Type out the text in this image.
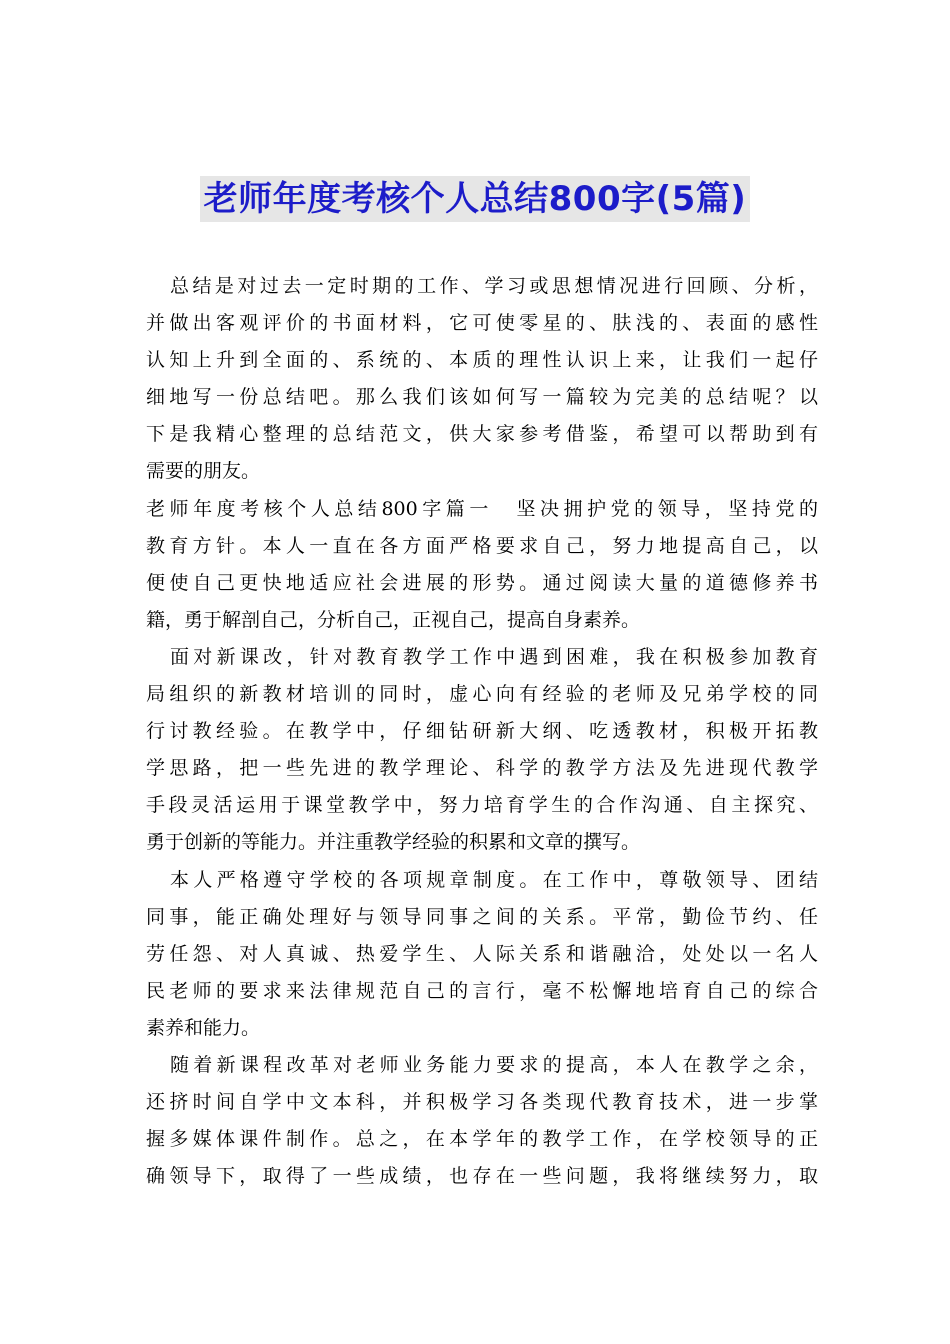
老师年度考核个人总结800字(5篇)
总结是对过去一定时期的工作、学习或思想情况进行回顾、分析，
并做出客观评价的书面材料，它可使零星的、肤浅的、表面的感性
认知上升到全面的、系统的、本质的理性认识上来，让我们一起仔
细地写一份总结吧。那么我们该如何写一篇较为完美的总结呢？以
下是我精心整理的总结范文，供大家参考借鉴，希望可以帮助到有
需要的朋友。
老师年度考核个人总结800字篇一　坚决拥护党的领导，坚持党的
教育方针。本人一直在各方面严格要求自己，努力地提高自己，以
便使自己更快地适应社会进展的形势。通过阅读大量的道德修养书
籍，勇于解剖自己，分析自己，正视自己，提高自身素养。
面对新课改，针对教育教学工作中遇到困难，我在积极参加教育
局组织的新教材培训的同时，虚心向有经验的老师及兄弟学校的同
行讨教经验。在教学中，仔细钻研新大纲、吃透教材，积极开拓教
学思路，把一些先进的教学理论、科学的教学方法及先进现代教学
手段灵活运用于课堂教学中，努力培育学生的合作沟通、自主探究、
勇于创新的等能力。并注重教学经验的积累和文章的撰写。
本人严格遵守学校的各项规章制度。在工作中，尊敬领导、团结
同事，能正确处理好与领导同事之间的关系。平常，勤俭节约、任
劳任怨、对人真诚、热爱学生、人际关系和谐融洽，处处以一名人
民老师的要求来法律规范自己的言行，毫不松懈地培育自己的综合
素养和能力。
随着新课程改革对老师业务能力要求的提高，本人在教学之余，
还挤时间自学中文本科，并积极学习各类现代教育技术，进一步掌
握多媒体课件制作。总之，在本学年的教学工作，在学校领导的正
确领导下，取得了一些成绩，也存在一些问题，我将继续努力，取
